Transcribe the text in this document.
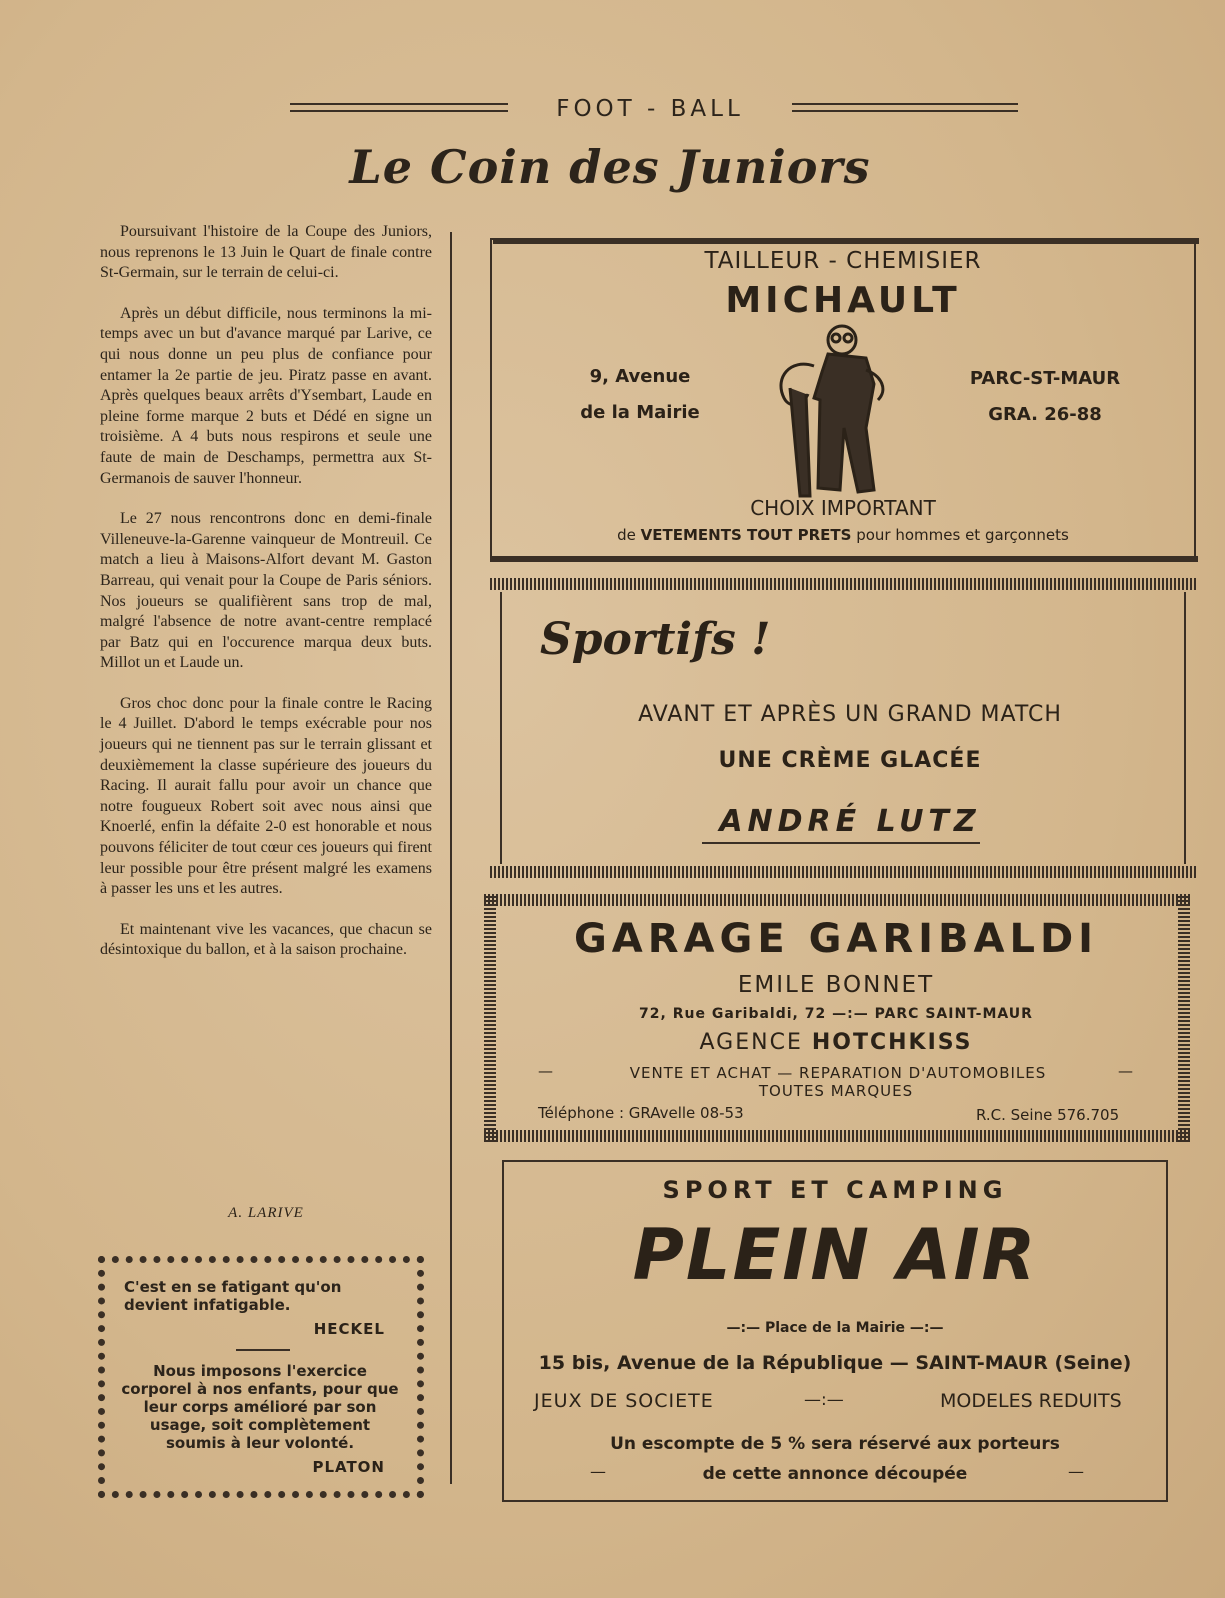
FOOT - BALL
Le Coin des Juniors

Poursuivant l'histoire de la Coupe des Juniors, nous reprenons le 13 Juin le Quart de finale contre St-Germain, sur le terrain de celui-ci.

Après un début difficile, nous terminons la mi-temps avec un but d'avance marqué par Larive, ce qui nous donne un peu plus de confiance pour entamer la 2e partie de jeu. Piratz passe en avant. Après quelques beaux arrêts d'Ysembart, Laude en pleine forme marque 2 buts et Dédé en signe un troisième. A 4 buts nous respirons et seule une faute de main de Deschamps, permettra aux St-Germanois de sauver l'honneur.

Le 27 nous rencontrons donc en demi-finale Villeneuve-la-Garenne vainqueur de Montreuil. Ce match a lieu à Maisons-Alfort devant M. Gaston Barreau, qui venait pour la Coupe de Paris séniors. Nos joueurs se qualifièrent sans trop de mal, malgré l'absence de notre avant-centre remplacé par Batz qui en l'occurence marqua deux buts. Millot un et Laude un.

Gros choc donc pour la finale contre le Racing le 4 Juillet. D'abord le temps exécrable pour nos joueurs qui ne tiennent pas sur le terrain glissant et deuxièmement la classe supérieure des joueurs du Racing. Il aurait fallu pour avoir un chance que notre fougueux Robert soit avec nous ainsi que Knoerlé, enfin la défaite 2-0 est honorable et nous pouvons féliciter de tout cœur ces joueurs qui firent leur possible pour être présent malgré les examens à passer les uns et les autres.

Et maintenant vive les vacances, que chacun se désintoxique du ballon, et à la saison prochaine.

A. LARIVE
C'est en se fatigant qu'on devient infatigable.
HECKEL
Nous imposons l'exercice corporel à nos enfants, pour que leur corps amélioré par son usage, soit complètement soumis à leur volonté.
PLATON
TAILLEUR - CHEMISIER
MICHAULT
9, Avenue
de la Mairie
PARC-ST-MAUR
GRA. 26-88
CHOIX IMPORTANT
de VETEMENTS TOUT PRETS pour hommes et garçonnets
Sportifs !
AVANT ET APRÈS UN GRAND MATCH
UNE CRÈME GLACÉE
ANDRÉ LUTZ
GARAGE GARIBALDI
EMILE BONNET
72, Rue Garibaldi, 72 —:— PARC SAINT-MAUR
AGENCE HOTCHKISS
—	VENTE ET ACHAT — REPARATION D'AUTOMOBILES	—
TOUTES MARQUES
Téléphone : GRAvelle 08-53	R.C. Seine 576.705
SPORT ET CAMPING
PLEIN AIR
—:— Place de la Mairie —:—
15 bis, Avenue de la République — SAINT-MAUR (Seine)
JEUX DE SOCIETE	—:—	MODELES REDUITS
Un escompte de 5 % sera réservé aux porteurs
—	de cette annonce découpée	—
